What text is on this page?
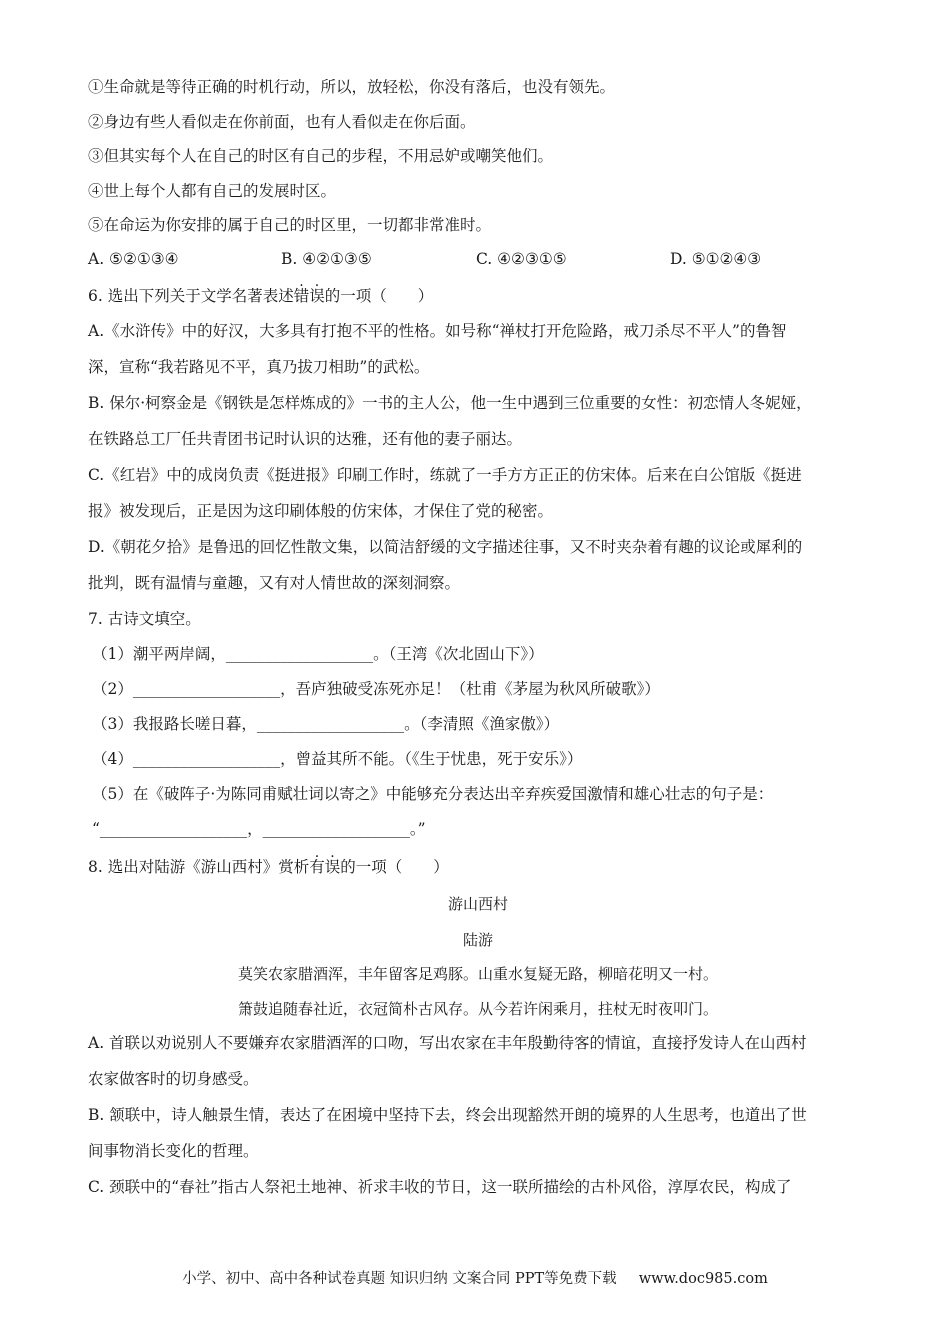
①生命就是等待正确的时机行动，所以，放轻松，你没有落后，也没有领先。
②身边有些人看似走在你前面，也有人看似走在你后面。
③但其实每个人在自己的时区有自己的步程，不用忌妒或嘲笑他们。
④世上每个人都有自己的发展时区。
⑤在命运为你安排的属于自己的时区里，一切都非常准时。
A. ⑤②①③④	B. ④②①③⑤	C. ④②③①⑤	D. ⑤①②④③
6. 选出下列关于文学名著表述错误的一项（　　）
A.《水浒传》中的好汉，大多具有打抱不平的性格。如号称“禅杖打开危险路，戒刀杀尽不平人”的鲁智
深，宣称“我若路见不平，真乃拔刀相助”的武松。
B. 保尔·柯察金是《钢铁是怎样炼成的》一书的主人公，他一生中遇到三位重要的女性：初恋情人冬妮娅，
在铁路总工厂任共青团书记时认识的达雅，还有他的妻子丽达。
C.《红岩》中的成岗负责《挺进报》印刷工作时，练就了一手方方正正的仿宋体。后来在白公馆版《挺进
报》被发现后，正是因为这印刷体般的仿宋体，才保住了党的秘密。
D.《朝花夕拾》是鲁迅的回忆性散文集，以简洁舒缓的文字描述往事，又不时夹杂着有趣的议论或犀利的
批判，既有温情与童趣，又有对人情世故的深刻洞察。
7. 古诗文填空。
（1）潮平两岸阔，___________________。（王湾《次北固山下》）
（2）___________________，吾庐独破受冻死亦足！（杜甫《茅屋为秋风所破歌》）
（3）我报路长嗟日暮，___________________。（李清照《渔家傲》）
（4）___________________，曾益其所不能。（《生于忧患，死于安乐》）
（5）在《破阵子·为陈同甫赋壮词以寄之》中能够充分表达出辛弃疾爱国激情和雄心壮志的句子是：
“___________________，___________________。”
8. 选出对陆游《游山西村》赏析有误的一项（　　）
游山西村
陆游
莫笑农家腊酒浑，丰年留客足鸡豚。山重水复疑无路，柳暗花明又一村。
箫鼓追随春社近，衣冠简朴古风存。从今若许闲乘月，拄杖无时夜叩门。
A. 首联以劝说别人不要嫌弃农家腊酒浑的口吻，写出农家在丰年殷勤待客的情谊，直接抒发诗人在山西村
农家做客时的切身感受。
B. 颔联中，诗人触景生情，表达了在困境中坚持下去，终会出现豁然开朗的境界的人生思考，也道出了世
间事物消长变化的哲理。
C. 颈联中的“春社”指古人祭祀土地神、祈求丰收的节日，这一联所描绘的古朴风俗，淳厚农民，构成了
小学、初中、高中各种试卷真题 知识归纳 文案合同 PPT等免费下载 www.doc985.com
